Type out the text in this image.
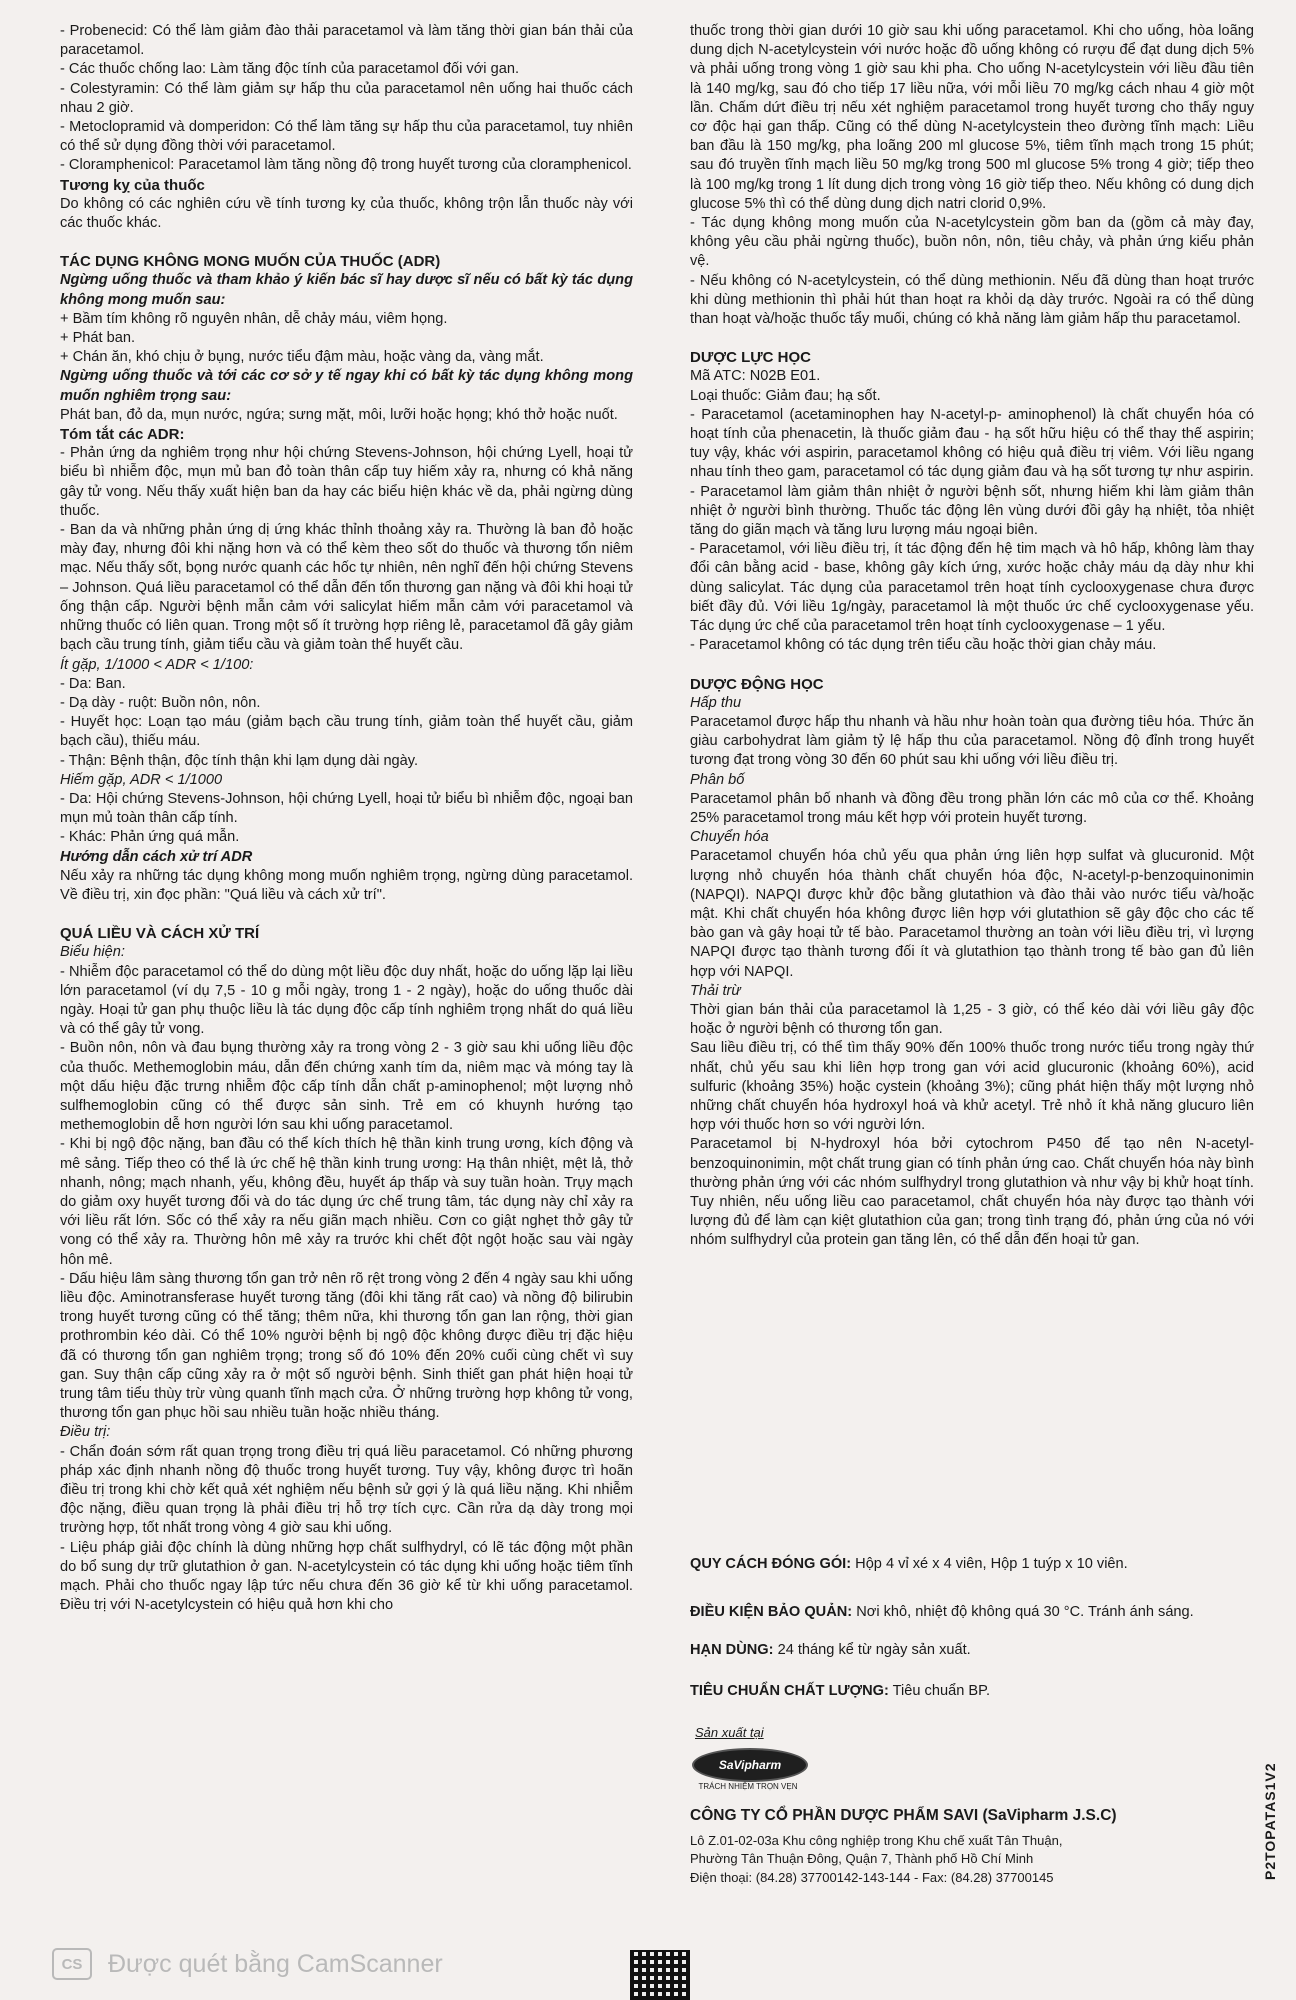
- Probenecid: Có thể làm giảm đào thải paracetamol và làm tăng thời gian bán thải của paracetamol.

- Các thuốc chống lao: Làm tăng độc tính của paracetamol đối với gan.

- Colestyramin: Có thể làm giảm sự hấp thu của paracetamol nên uống hai thuốc cách nhau 2 giờ.

- Metoclopramid và domperidon: Có thể làm tăng sự hấp thu của paracetamol, tuy nhiên có thể sử dụng đồng thời với paracetamol.

- Cloramphenicol: Paracetamol làm tăng nồng độ trong huyết tương của cloramphenicol.

Tương kỵ của thuốc

Do không có các nghiên cứu về tính tương kỵ của thuốc, không trộn lẫn thuốc này với các thuốc khác.

TÁC DỤNG KHÔNG MONG MUỐN CỦA THUỐC (ADR)

Ngừng uống thuốc và tham khảo ý kiến bác sĩ hay dược sĩ nếu có bất kỳ tác dụng không mong muốn sau:

+ Bầm tím không rõ nguyên nhân, dễ chảy máu, viêm họng.

+ Phát ban.

+ Chán ăn, khó chịu ở bụng, nước tiểu đậm màu, hoặc vàng da, vàng mắt.

Ngừng uống thuốc và tới các cơ sở y tế ngay khi có bất kỳ tác dụng không mong muốn nghiêm trọng sau:

Phát ban, đỏ da, mụn nước, ngứa; sưng mặt, môi, lưỡi hoặc họng; khó thở hoặc nuốt.

Tóm tắt các ADR:

- Phản ứng da nghiêm trọng như hội chứng Stevens-Johnson, hội chứng Lyell, hoại tử biểu bì nhiễm độc, mụn mủ ban đỏ toàn thân cấp tuy hiếm xảy ra, nhưng có khả năng gây tử vong. Nếu thấy xuất hiện ban da hay các biểu hiện khác về da, phải ngừng dùng thuốc.

- Ban da và những phản ứng dị ứng khác thỉnh thoảng xảy ra. Thường là ban đỏ hoặc mày đay, nhưng đôi khi nặng hơn và có thể kèm theo sốt do thuốc và thương tổn niêm mạc. Nếu thấy sốt, bọng nước quanh các hốc tự nhiên, nên nghĩ đến hội chứng Stevens – Johnson. Quá liều paracetamol có thể dẫn đến tổn thương gan nặng và đôi khi hoại tử ống thận cấp. Người bệnh mẫn cảm với salicylat hiếm mẫn cảm với paracetamol và những thuốc có liên quan. Trong một số ít trường hợp riêng lẻ, paracetamol đã gây giảm bạch cầu trung tính, giảm tiểu cầu và giảm toàn thể huyết cầu.

Ít gặp, 1/1000 < ADR < 1/100:

- Da: Ban.

- Dạ dày - ruột: Buồn nôn, nôn.

- Huyết học: Loạn tạo máu (giảm bạch cầu trung tính, giảm toàn thể huyết cầu, giảm bạch cầu), thiếu máu.

- Thận: Bệnh thận, độc tính thận khi lạm dụng dài ngày.

Hiếm gặp, ADR < 1/1000

- Da: Hội chứng Stevens-Johnson, hội chứng Lyell, hoại tử biểu bì nhiễm độc, ngoại ban mụn mủ toàn thân cấp tính.

- Khác: Phản ứng quá mẫn.

Hướng dẫn cách xử trí ADR

Nếu xảy ra những tác dụng không mong muốn nghiêm trọng, ngừng dùng paracetamol. Về điều trị, xin đọc phần: "Quá liều và cách xử trí".

QUÁ LIỀU VÀ CÁCH XỬ TRÍ

Biểu hiện:

- Nhiễm độc paracetamol có thể do dùng một liều độc duy nhất, hoặc do uống lặp lại liều lớn paracetamol (ví dụ 7,5 - 10 g mỗi ngày, trong 1 - 2 ngày), hoặc do uống thuốc dài ngày. Hoại tử gan phụ thuộc liều là tác dụng độc cấp tính nghiêm trọng nhất do quá liều và có thể gây tử vong.

- Buồn nôn, nôn và đau bụng thường xảy ra trong vòng 2 - 3 giờ sau khi uống liều độc của thuốc. Methemoglobin máu, dẫn đến chứng xanh tím da, niêm mạc và móng tay là một dấu hiệu đặc trưng nhiễm độc cấp tính dẫn chất p-aminophenol; một lượng nhỏ sulfhemoglobin cũng có thể được sản sinh. Trẻ em có khuynh hướng tạo methemoglobin dễ hơn người lớn sau khi uống paracetamol.

- Khi bị ngộ độc nặng, ban đầu có thể kích thích hệ thần kinh trung ương, kích động và mê sảng. Tiếp theo có thể là ức chế hệ thần kinh trung ương: Hạ thân nhiệt, mệt lả, thở nhanh, nông; mạch nhanh, yếu, không đều, huyết áp thấp và suy tuần hoàn. Trụy mạch do giảm oxy huyết tương đối và do tác dụng ức chế trung tâm, tác dụng này chỉ xảy ra với liều rất lớn. Sốc có thể xảy ra nếu giãn mạch nhiều. Cơn co giật nghẹt thở gây tử vong có thể xảy ra. Thường hôn mê xảy ra trước khi chết đột ngột hoặc sau vài ngày hôn mê.

- Dấu hiệu lâm sàng thương tổn gan trở nên rõ rệt trong vòng 2 đến 4 ngày sau khi uống liều độc. Aminotransferase huyết tương tăng (đôi khi tăng rất cao) và nồng độ bilirubin trong huyết tương cũng có thể tăng; thêm nữa, khi thương tổn gan lan rộng, thời gian prothrombin kéo dài. Có thể 10% người bệnh bị ngộ độc không được điều trị đặc hiệu đã có thương tổn gan nghiêm trọng; trong số đó 10% đến 20% cuối cùng chết vì suy gan. Suy thận cấp cũng xảy ra ở một số người bệnh. Sinh thiết gan phát hiện hoại tử trung tâm tiểu thùy trừ vùng quanh tĩnh mạch cửa. Ở những trường hợp không tử vong, thương tổn gan phục hồi sau nhiều tuần hoặc nhiều tháng.

Điều trị:

- Chẩn đoán sớm rất quan trọng trong điều trị quá liều paracetamol. Có những phương pháp xác định nhanh nồng độ thuốc trong huyết tương. Tuy vậy, không được trì hoãn điều trị trong khi chờ kết quả xét nghiệm nếu bệnh sử gợi ý là quá liều nặng. Khi nhiễm độc nặng, điều quan trọng là phải điều trị hỗ trợ tích cực. Cần rửa dạ dày trong mọi trường hợp, tốt nhất trong vòng 4 giờ sau khi uống.

- Liệu pháp giải độc chính là dùng những hợp chất sulfhydryl, có lẽ tác động một phần do bổ sung dự trữ glutathion ở gan. N-acetylcystein có tác dụng khi uống hoặc tiêm tĩnh mạch. Phải cho thuốc ngay lập tức nếu chưa đến 36 giờ kể từ khi uống paracetamol. Điều trị với N-acetylcystein có hiệu quả hơn khi cho

thuốc trong thời gian dưới 10 giờ sau khi uống paracetamol. Khi cho uống, hòa loãng dung dịch N-acetylcystein với nước hoặc đồ uống không có rượu để đạt dung dịch 5% và phải uống trong vòng 1 giờ sau khi pha. Cho uống N-acetylcystein với liều đầu tiên là 140 mg/kg, sau đó cho tiếp 17 liều nữa, với mỗi liều 70 mg/kg cách nhau 4 giờ một lần. Chấm dứt điều trị nếu xét nghiệm paracetamol trong huyết tương cho thấy nguy cơ độc hại gan thấp. Cũng có thể dùng N-acetylcystein theo đường tĩnh mạch: Liều ban đầu là 150 mg/kg, pha loãng 200 ml glucose 5%, tiêm tĩnh mạch trong 15 phút; sau đó truyền tĩnh mạch liều 50 mg/kg trong 500 ml glucose 5% trong 4 giờ; tiếp theo là 100 mg/kg trong 1 lít dung dịch trong vòng 16 giờ tiếp theo. Nếu không có dung dịch glucose 5% thì có thể dùng dung dịch natri clorid 0,9%.

- Tác dụng không mong muốn của N-acetylcystein gồm ban da (gồm cả mày đay, không yêu cầu phải ngừng thuốc), buồn nôn, nôn, tiêu chảy, và phản ứng kiểu phản vệ.

- Nếu không có N-acetylcystein, có thể dùng methionin. Nếu đã dùng than hoạt trước khi dùng methionin thì phải hút than hoạt ra khỏi dạ dày trước. Ngoài ra có thể dùng than hoạt và/hoặc thuốc tẩy muối, chúng có khả năng làm giảm hấp thu paracetamol.

DƯỢC LỰC HỌC

Mã ATC: N02B E01.

Loại thuốc: Giảm đau; hạ sốt.

- Paracetamol (acetaminophen hay N-acetyl-p- aminophenol) là chất chuyển hóa có hoạt tính của phenacetin, là thuốc giảm đau - hạ sốt hữu hiệu có thể thay thế aspirin; tuy vậy, khác với aspirin, paracetamol không có hiệu quả điều trị viêm. Với liều ngang nhau tính theo gam, paracetamol có tác dụng giảm đau và hạ sốt tương tự như aspirin.

- Paracetamol làm giảm thân nhiệt ở người bệnh sốt, nhưng hiếm khi làm giảm thân nhiệt ở người bình thường. Thuốc tác động lên vùng dưới đồi gây hạ nhiệt, tỏa nhiệt tăng do giãn mạch và tăng lưu lượng máu ngoại biên.

- Paracetamol, với liều điều trị, ít tác động đến hệ tim mạch và hô hấp, không làm thay đổi cân bằng acid - base, không gây kích ứng, xước hoặc chảy máu dạ dày như khi dùng salicylat. Tác dụng của paracetamol trên hoạt tính cyclooxygenase chưa được biết đầy đủ. Với liều 1g/ngày, paracetamol là một thuốc ức chế cyclooxygenase yếu. Tác dụng ức chế của paracetamol trên hoạt tính cyclooxygenase – 1 yếu.

- Paracetamol không có tác dụng trên tiểu cầu hoặc thời gian chảy máu.

DƯỢC ĐỘNG HỌC

Hấp thu

Paracetamol được hấp thu nhanh và hầu như hoàn toàn qua đường tiêu hóa. Thức ăn giàu carbohydrat làm giảm tỷ lệ hấp thu của paracetamol. Nồng độ đỉnh trong huyết tương đạt trong vòng 30 đến 60 phút sau khi uống với liều điều trị.

Phân bố

Paracetamol phân bố nhanh và đồng đều trong phần lớn các mô của cơ thể. Khoảng 25% paracetamol trong máu kết hợp với protein huyết tương.

Chuyển hóa

Paracetamol chuyển hóa chủ yếu qua phản ứng liên hợp sulfat và glucuronid. Một lượng nhỏ chuyển hóa thành chất chuyển hóa độc, N-acetyl-p-benzoquinonimin (NAPQI). NAPQI được khử độc bằng glutathion và đào thải vào nước tiểu và/hoặc mật. Khi chất chuyển hóa không được liên hợp với glutathion sẽ gây độc cho các tế bào gan và gây hoại tử tế bào. Paracetamol thường an toàn với liều điều trị, vì lượng NAPQI được tạo thành tương đối ít và glutathion tạo thành trong tế bào gan đủ liên hợp với NAPQI.

Thải trừ

Thời gian bán thải của paracetamol là 1,25 - 3 giờ, có thể kéo dài với liều gây độc hoặc ở người bệnh có thương tổn gan.

Sau liều điều trị, có thể tìm thấy 90% đến 100% thuốc trong nước tiểu trong ngày thứ nhất, chủ yếu sau khi liên hợp trong gan với acid glucuronic (khoảng 60%), acid sulfuric (khoảng 35%) hoặc cystein (khoảng 3%); cũng phát hiện thấy một lượng nhỏ những chất chuyển hóa hydroxyl hoá và khử acetyl. Trẻ nhỏ ít khả năng glucuro liên hợp với thuốc hơn so với người lớn.

Paracetamol bị N-hydroxyl hóa bởi cytochrom P450 để tạo nên N-acetyl-benzoquinonimin, một chất trung gian có tính phản ứng cao. Chất chuyển hóa này bình thường phản ứng với các nhóm sulfhydryl trong glutathion và như vậy bị khử hoạt tính. Tuy nhiên, nếu uống liều cao paracetamol, chất chuyển hóa này được tạo thành với lượng đủ để làm cạn kiệt glutathion của gan; trong tình trạng đó, phản ứng của nó với nhóm sulfhydryl của protein gan tăng lên, có thể dẫn đến hoại tử gan.

QUY CÁCH ĐÓNG GÓI: Hộp 4 vỉ xé x 4 viên, Hộp 1 tuýp x 10 viên.
ĐIỀU KIỆN BẢO QUẢN: Nơi khô, nhiệt độ không quá 30 °C. Tránh ánh sáng.
HẠN DÙNG: 24 tháng kể từ ngày sản xuất.
TIÊU CHUẨN CHẤT LƯỢNG: Tiêu chuẩn BP.
Sản xuất tại
SaVipharm
TRÁCH NHIỆM TRỌN VẸN
CÔNG TY CỔ PHẦN DƯỢC PHẨM SAVI (SaVipharm J.S.C)
Lô Z.01-02-03a Khu công nghiệp trong Khu chế xuất Tân Thuận,
Phường Tân Thuận Đông, Quận 7, Thành phố Hồ Chí Minh
Điện thoại: (84.28) 37700142-143-144 - Fax: (84.28) 37700145	P2TOPATAS1V2
CS	Được quét bằng CamScanner
